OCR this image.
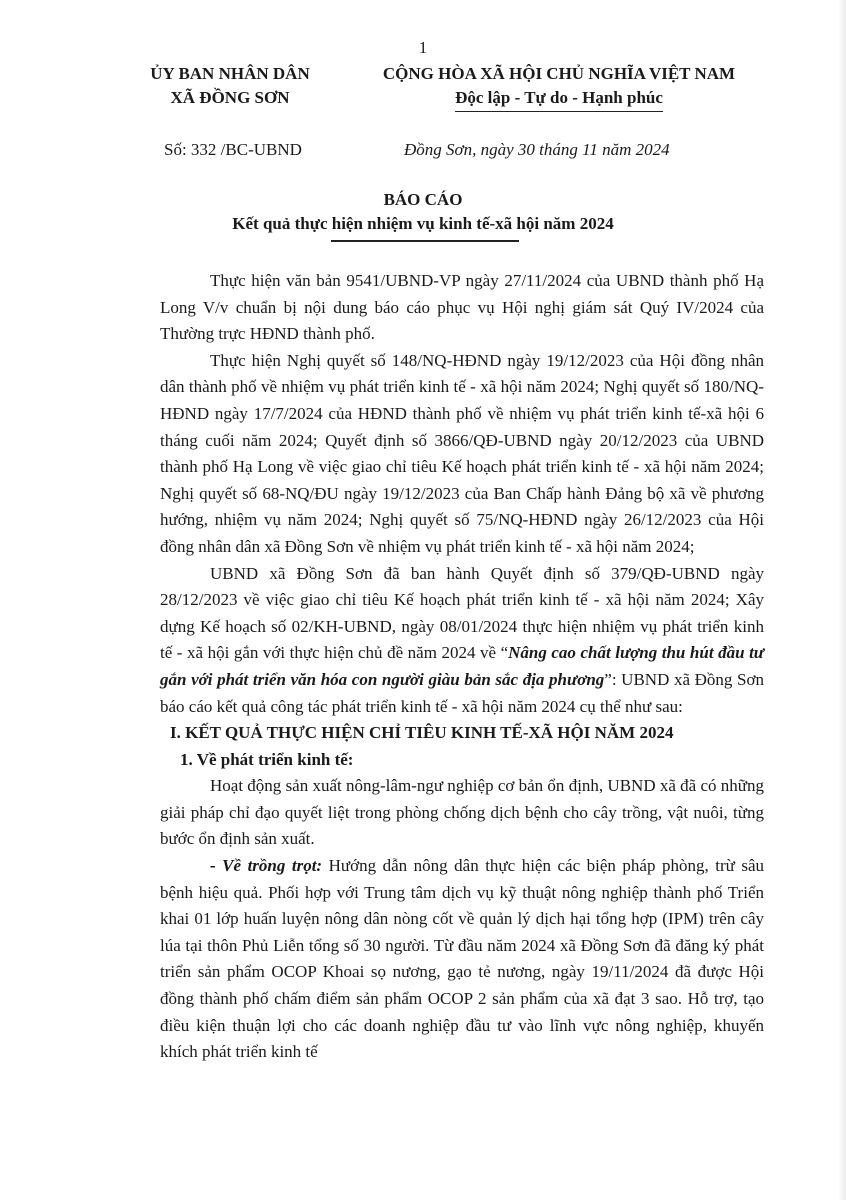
1
ỦY BAN NHÂN DÂN
XÃ ĐỒNG SƠN
CỘNG HÒA XÃ HỘI CHỦ NGHĨA VIỆT NAM
Độc lập - Tự do - Hạnh phúc
Số: 332 /BC-UBND	Đồng Sơn, ngày 30 tháng 11 năm 2024
BÁO CÁO
Kết quả thực hiện nhiệm vụ kinh tế-xã hội năm 2024

Thực hiện văn bản 9541/UBND-VP ngày 27/11/2024 của UBND thành phố Hạ Long V/v chuẩn bị nội dung báo cáo phục vụ Hội nghị giám sát Quý IV/2024 của Thường trực HĐND thành phố.

Thực hiện Nghị quyết số 148/NQ-HĐND ngày 19/12/2023 của Hội đồng nhân dân thành phố về nhiệm vụ phát triển kinh tế - xã hội năm 2024; Nghị quyết số 180/NQ-HĐND ngày 17/7/2024 của HĐND thành phố về nhiệm vụ phát triển kinh tế-xã hội 6 tháng cuối năm 2024; Quyết định số 3866/QĐ-UBND ngày 20/12/2023 của UBND thành phố Hạ Long về việc giao chỉ tiêu Kế hoạch phát triển kinh tế - xã hội năm 2024; Nghị quyết số 68-NQ/ĐU ngày 19/12/2023 của Ban Chấp hành Đảng bộ xã về phương hướng, nhiệm vụ năm 2024; Nghị quyết số 75/NQ-HĐND ngày 26/12/2023 của Hội đồng nhân dân xã Đồng Sơn về nhiệm vụ phát triển kinh tế - xã hội năm 2024;

UBND xã Đồng Sơn đã ban hành Quyết định số 379/QĐ-UBND ngày 28/12/2023 về việc giao chỉ tiêu Kế hoạch phát triển kinh tế - xã hội năm 2024; Xây dựng Kế hoạch số 02/KH-UBND, ngày 08/01/2024 thực hiện nhiệm vụ phát triển kinh tế - xã hội gắn với thực hiện chủ đề năm 2024 về “Nâng cao chất lượng thu hút đầu tư gắn với phát triển văn hóa con người giàu bản sắc địa phương”: UBND xã Đồng Sơn báo cáo kết quả công tác phát triển kinh tế - xã hội năm 2024 cụ thể như sau:

I. KẾT QUẢ THỰC HIỆN CHỈ TIÊU KINH TẾ-XÃ HỘI NĂM 2024

1. Về phát triển kinh tế:

Hoạt động sản xuất nông-lâm-ngư nghiệp cơ bản ổn định, UBND xã đã có những giải pháp chỉ đạo quyết liệt trong phòng chống dịch bệnh cho cây trồng, vật nuôi, từng bước ổn định sản xuất.

- Về trồng trọt: Hướng dẫn nông dân thực hiện các biện pháp phòng, trừ sâu bệnh hiệu quả. Phối hợp với Trung tâm dịch vụ kỹ thuật nông nghiệp thành phố Triển khai 01 lớp huấn luyện nông dân nòng cốt về quản lý dịch hại tổng hợp (IPM) trên cây lúa tại thôn Phủ Liễn tổng số 30 người. Từ đầu năm 2024 xã Đồng Sơn đã đăng ký phát triển sản phẩm OCOP Khoai sọ nương, gạo tẻ nương, ngày 19/11/2024 đã được Hội đồng thành phố chấm điểm sản phẩm OCOP 2 sản phẩm của xã đạt 3 sao. Hỗ trợ, tạo điều kiện thuận lợi cho các doanh nghiệp đầu tư vào lĩnh vực nông nghiệp, khuyến khích phát triển kinh tế
